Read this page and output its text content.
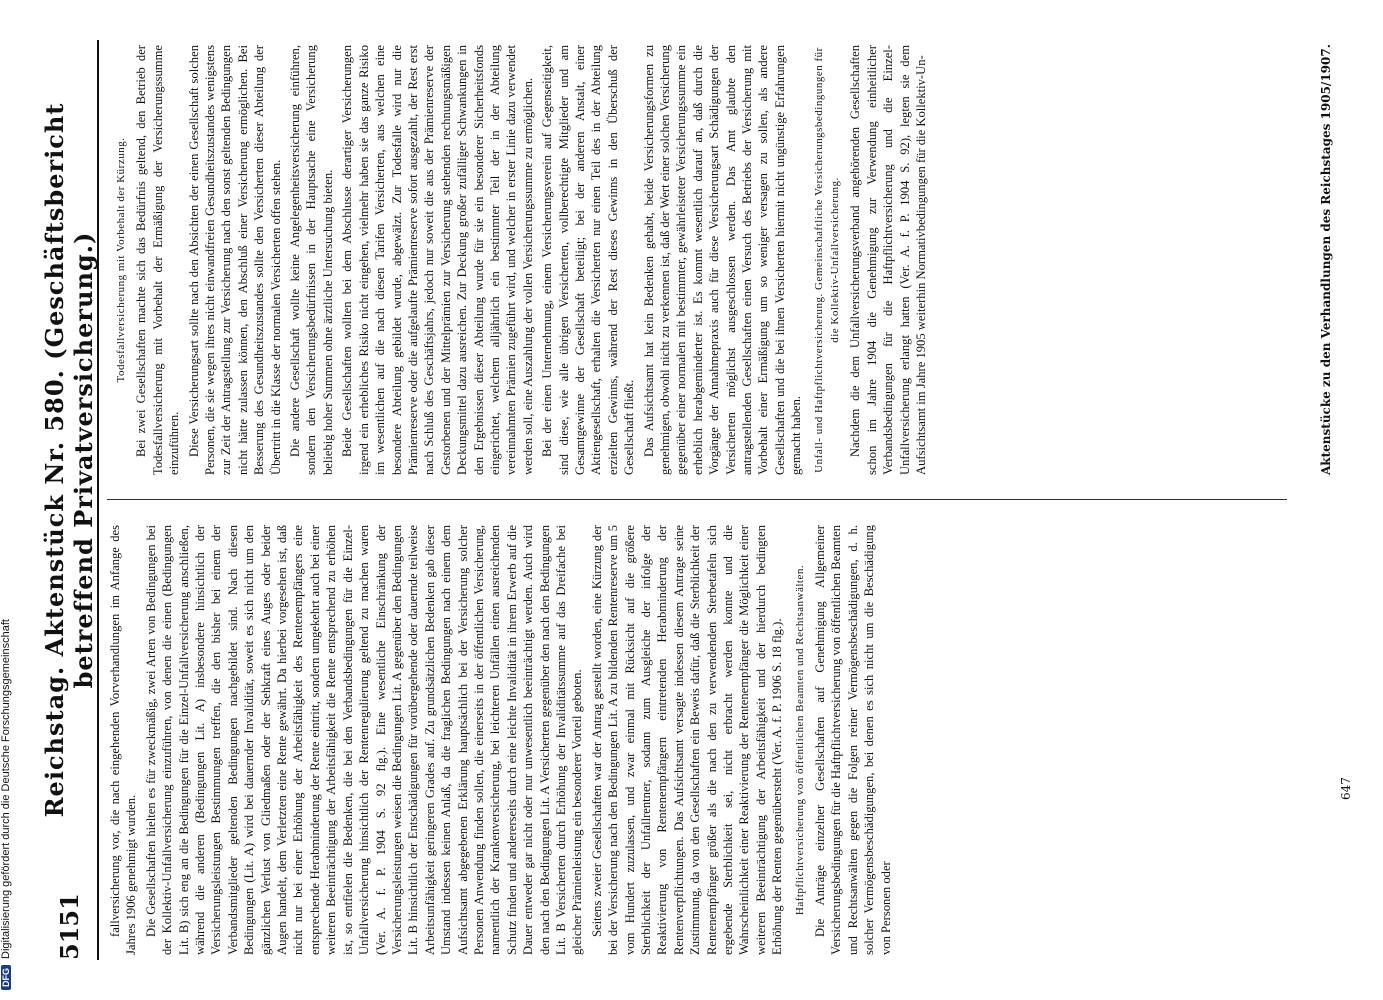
DFGDigitalisierung gefördert durch die Deutsche Forschungsgemeinschaft 5151
Reichstag. Aktenstück Nr. 580. (Geschäftsbericht betreffend Privatversicherung.)

fallversicherung vor, die nach eingehenden Vorverhandlungen im Anfange des Jahres 1906 genehmigt wurden. Die Gesellschaften hielten es für zweckmäßig, zwei Arten von Bedingungen bei der Kollektiv-Unfallversicherung einzuführen, von denen die einen (Bedingungen Lit. B) sich eng an die Bedingungen für die Einzel-Unfallversicherung anschließen, während die anderen (Bedingungen Lit. A) insbesondere hinsichtlich der Versicherungsleistungen Bestimmungen treffen, die den bisher bei einem der Verbandsmitglieder geltenden Bedingungen nachgebildet sind. Nach diesen Bedingungen (Lit. A) wird bei dauernder Invalidität, soweit es sich nicht um den gänzlichen Verlust von Gliedmaßen oder der Sehkraft eines Auges oder beider Augen handelt, dem Verletzten eine Rente gewährt. Da hierbei vorgesehen ist, daß nicht nur bei einer Erhöhung der Arbeitsfähigkeit des Rentenempfängers eine entsprechende Herabminderung der Rente eintritt, sondern umgekehrt auch bei einer weiteren Beeinträchtigung der Arbeitsfähigkeit die Rente entsprechend zu erhöhen ist, so entfielen die Bedenken, die bei den Verbandsbedingungen für die Einzel-Unfallversicherung hinsichtlich der Rentenregulierung geltend zu machen waren (Ver. A. f. P. 1904 S. 92 flg.). Eine wesentliche Einschränkung der Versicherungsleistungen weisen die Bedingungen Lit. A gegenüber den Bedingungen Lit. B hinsichtlich der Entschädigungen für vorübergehende oder dauernde teilweise Arbeitsunfähigkeit geringeren Grades auf. Zu grundsätzlichen Bedenken gab dieser Umstand indessen keinen Anlaß, da die fraglichen Bedingungen nach einem dem Aufsichtsamt abgegebenen Erklärung hauptsächlich bei der Versicherung solcher Personen Anwendung finden sollen, die einerseits in der öffentlichen Versicherung, namentlich der Krankenversicherung, bei leichteren Unfällen einen ausreichenden Schutz finden und andererseits durch eine leichte Invalidität in ihrem Erwerb auf die Dauer entweder gar nicht oder nur unwesentlich beeinträchtigt werden. Auch wird den nach den Bedingungen Lit. A Versicherten gegenüber den nach den Bedingungen Lit. B Versicherten durch Erhöhung der Invaliditätssumme auf das Dreifache bei gleicher Prämienleistung ein besonderer Vorteil geboten. Seitens zweier Gesellschaften war der Antrag gestellt worden, eine Kürzung der bei der Versicherung nach den Bedingungen Lit. A zu bildenden Rentenreserve um 5 vom Hundert zuzulassen, und zwar einmal mit Rücksicht auf die größere Sterblichkeit der Unfallrentner, sodann zum Ausgleiche der infolge der Reaktivierung von Rentenempfängern eintretenden Herabminderung der Rentenverpflichtungen. Das Aufsichtsamt versagte indessen diesem Antrage seine Zustimmung, da von den Gesellschaften ein Beweis dafür, daß die Sterblichkeit der Rentenempfänger größer als die nach den zu verwendenden Sterbetafeln sich ergebende Sterblichkeit sei, nicht erbracht werden konnte und die Wahrscheinlichkeit einer Reaktivierung der Rentenempfänger die Möglichkeit einer weiteren Beeinträchtigung der Arbeitsfähigkeit und der hierdurch bedingten Erhöhung der Renten gegenübersteht (Ver. A. f. P. 1906 S. 18 flg.). Haftpflichtversicherung von öffentlichen Beamten und Rechtsanwälten. Die Anträge einzelner Gesellschaften auf Genehmigung Allgemeiner Versicherungsbedingungen für die Haftpflichtversicherung von öffentlichen Beamten und Rechtsanwälten gegen die Folgen reiner Vermögensbeschädigungen, d. h. solcher Vermögensbeschädigungen, bei denen es sich nicht um die Beschädigung von Personen oder

Todesfallversicherung mit Vorbehalt der Kürzung. Bei zwei Gesellschaften machte sich das Bedürfnis geltend, den Betrieb der Todesfallversicherung mit Vorbehalt der Ermäßigung der Versicherungssumme einzuführen. Diese Versicherungsart sollte nach den Absichten der einen Gesellschaft solchen Personen, die sie wegen ihres nicht einwandfreien Gesundheitszustandes wenigstens zur Zeit der Antragstellung zur Versicherung nach den sonst geltenden Bedingungen nicht hätte zulassen können, den Abschluß einer Versicherung ermöglichen. Bei Besserung des Gesundheitszustandes sollte den Versicherten dieser Abteilung der Übertritt in die Klasse der normalen Versicherten offen stehen. Die andere Gesellschaft wollte keine Angelegenheitsversicherung einführen, sondern den Versicherungsbedürfnissen in der Hauptsache eine Versicherung beliebig hoher Summen ohne ärztliche Untersuchung bieten. Beide Gesellschaften wollten bei dem Abschlusse derartiger Versicherungen irgend ein erhebliches Risiko nicht eingehen, vielmehr haben sie das ganze Risiko im wesentlichen auf die nach diesen Tarifen Versicherten, aus welchen eine besondere Abteilung gebildet wurde, abgewälzt. Zur Todesfalle wird nur die Prämienreserve oder die aufgelaufte Prämienreserve sofort ausgezahlt, der Rest erst nach Schluß des Geschäftsjahrs, jedoch nur soweit die aus der Prämienreserve der Gestorbenen und der Mittelprämien zur Versicherung stehenden rechnungsmäßigen Deckungsmittel dazu ausreichen. Zur Deckung großer zufälliger Schwankungen in den Ergebnissen dieser Abteilung wurde für sie ein besonderer Sicherheitsfonds eingerichtet, welchem alljährlich ein bestimmter Teil der in der Abteilung vereinnahmten Prämien zugeführt wird, und welcher in erster Linie dazu verwendet werden soll, eine Auszahlung der vollen Versicherungssumme zu ermöglichen. Bei der einen Unternehmung, einem Versicherungsverein auf Gegenseitigkeit, sind diese, wie alle übrigen Versicherten, vollberechtigte Mitglieder und am Gesamtgewinne der Gesellschaft beteiligt; bei der anderen Anstalt, einer Aktiengesellschaft, erhalten die Versicherten nur einen Teil des in der Abteilung erzielten Gewinns, während der Rest dieses Gewinns in den Überschuß der Gesellschaft fließt. Das Aufsichtsamt hat kein Bedenken gehabt, beide Versicherungsformen zu genehmigen, obwohl nicht zu verkennen ist, daß der Wert einer solchen Versicherung gegenüber einer normalen mit bestimmter, gewährleisteter Versicherungssumme ein erheblich herabgeminderter ist. Es kommt wesentlich darauf an, daß durch die Vorgänge der Annahmepraxis auch für diese Versicherungsart Schädigungen der Versicherten möglichst ausgeschlossen werden. Das Amt glaubte den antragstellenden Gesellschaften einen Versuch des Betriebs der Versicherung mit Vorbehalt einer Ermäßigung um so weniger versagen zu sollen, als andere Gesellschaften und die bei ihnen Versicherten hiermit nicht ungünstige Erfahrungen gemacht haben. Unfall- und Haftpflichtversicherung. Gemeinschaftliche Versicherungsbedingungen für die Kollektiv-Unfallversicherung. Nachdem die dem Unfallversicherungsverband angehörenden Gesellschaften schon im Jahre 1904 die Genehmigung zur Verwendung einheitlicher Verbandsbedingungen für die Haftpflichtversicherung und die Einzel-Unfallversicherung erlangt hatten (Ver. A. f. P. 1904 S. 92), legten sie dem Aufsichtsamt im Jahre 1905 weiterhin Normativbedingungen für die Kollektiv-Un-	Aktenstücke zu den Verhandlungen des Reichstages 1905/1907.
647
